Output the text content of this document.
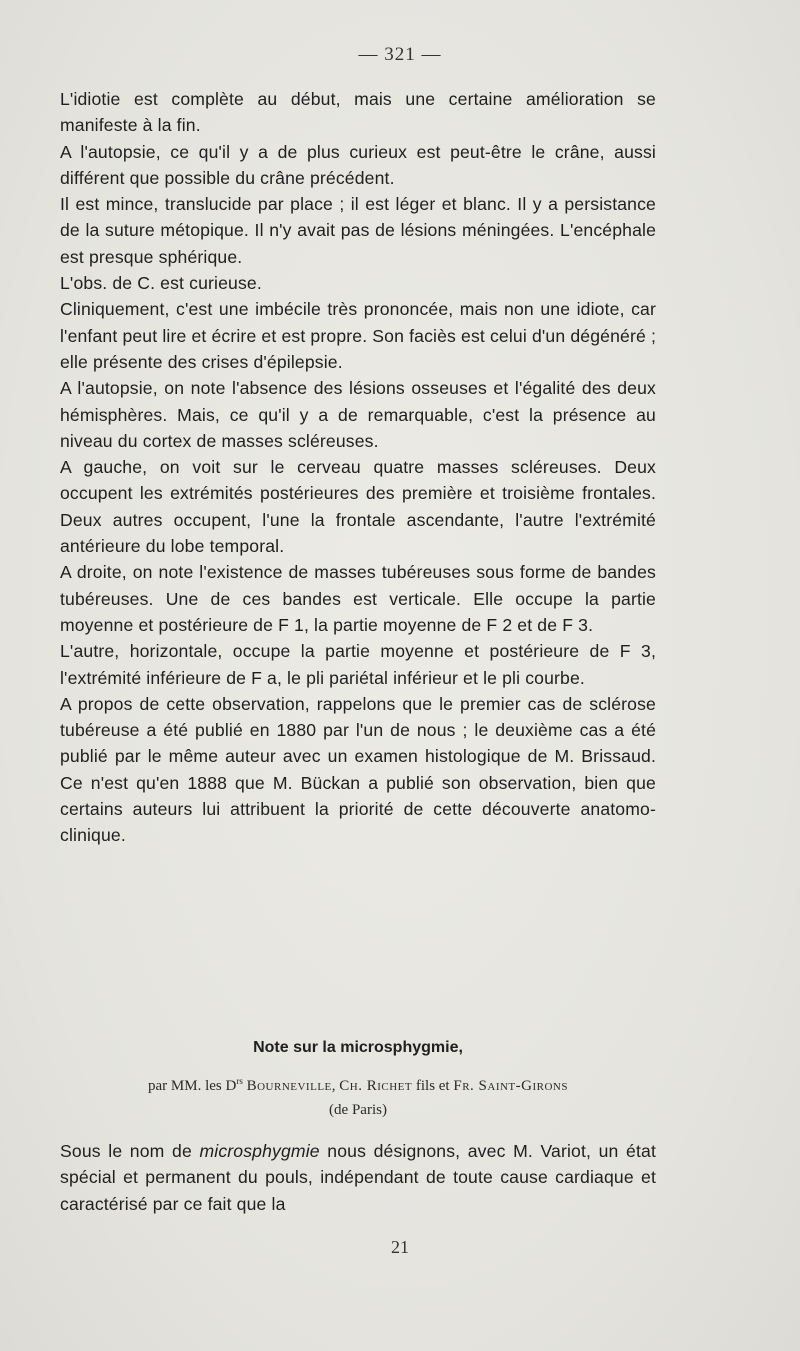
— 321 —

L'idiotie est complète au début, mais une certaine amélioration se manifeste à la fin.

A l'autopsie, ce qu'il y a de plus curieux est peut-être le crâne, aussi différent que possible du crâne précédent.

Il est mince, translucide par place ; il est léger et blanc. Il y a persistance de la suture métopique. Il n'y avait pas de lésions méningées. L'encéphale est presque sphérique.

L'obs. de C. est curieuse.

Cliniquement, c'est une imbécile très prononcée, mais non une idiote, car l'enfant peut lire et écrire et est propre. Son faciès est celui d'un dégénéré ; elle présente des crises d'épilepsie.

A l'autopsie, on note l'absence des lésions osseuses et l'égalité des deux hémisphères. Mais, ce qu'il y a de remarquable, c'est la présence au niveau du cortex de masses scléreuses.

A gauche, on voit sur le cerveau quatre masses scléreuses. Deux occupent les extrémités postérieures des première et troisième frontales. Deux autres occupent, l'une la frontale ascendante, l'autre l'extrémité antérieure du lobe temporal.

A droite, on note l'existence de masses tubéreuses sous forme de bandes tubéreuses. Une de ces bandes est verticale. Elle occupe la partie moyenne et postérieure de F 1, la partie moyenne de F 2 et de F 3.

L'autre, horizontale, occupe la partie moyenne et postérieure de F 3, l'extrémité inférieure de F a, le pli pariétal inférieur et le pli courbe.

A propos de cette observation, rappelons que le premier cas de sclérose tubéreuse a été publié en 1880 par l'un de nous ; le deuxième cas a été publié par le même auteur avec un examen histologique de M. Brissaud. Ce n'est qu'en 1888 que M. Bückan a publié son observation, bien que certains auteurs lui attribuent la priorité de cette découverte anatomo-clinique.

Note sur la microsphygmie,
par MM. les $D^{rs}$ Bourneville, Ch. Richet fils et Fr. Saint-Girons
(de Paris)

Sous le nom de microsphygmie nous désignons, avec M. Variot, un état spécial et permanent du pouls, indépendant de toute cause cardiaque et caractérisé par ce fait que la

21
